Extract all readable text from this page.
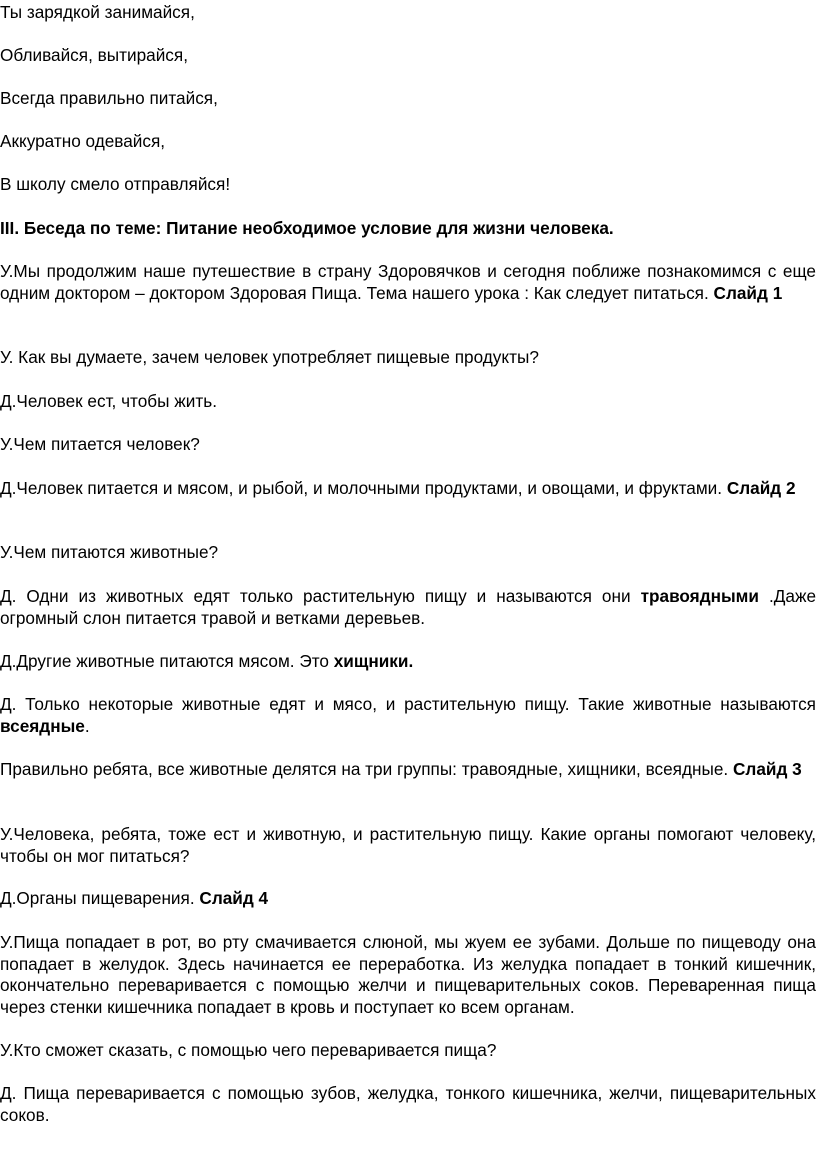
Ты зарядкой занимайся,

Обливайся, вытирайся,

Всегда правильно питайся,

Аккуратно одевайся,

В школу смело отправляйся!

III. Беседа по теме: Питание необходимое условие для жизни человека.

У.Мы продолжим наше путешествие в страну Здоровячков и сегодня поближе познакомимся с еще одним доктором – доктором Здоровая Пища. Тема нашего урока : Как следует питаться. Слайд 1

У. Как вы думаете, зачем человек употребляет пищевые продукты?

Д.Человек ест, чтобы жить.

У.Чем питается человек?

Д.Человек питается и мясом, и рыбой, и молочными продуктами, и овощами, и фруктами. Слайд 2

У.Чем питаются животные?

Д. Одни из животных едят только растительную пищу и называются они травоядными .Даже огромный слон питается травой и ветками деревьев.

Д.Другие животные питаются мясом. Это хищники.

Д. Только некоторые животные едят и мясо, и растительную пищу. Такие животные называются всеядные.

Правильно ребята, все животные делятся на три группы: травоядные, хищники, всеядные. Слайд 3

У.Человека, ребята, тоже ест и животную, и растительную пищу. Какие органы помогают человеку, чтобы он мог питаться?

Д.Органы пищеварения. Слайд 4

У.Пища попадает в рот, во рту смачивается слюной, мы жуем ее зубами. Дольше по пищеводу она попадает в желудок. Здесь начинается ее переработка. Из желудка попадает в тонкий кишечник, окончательно переваривается с помощью желчи и пищеварительных соков. Переваренная пища через стенки кишечника попадает в кровь и поступает ко всем органам.

У.Кто сможет сказать, с помощью чего переваривается пища?

Д. Пища переваривается с помощью зубов, желудка, тонкого кишечника, желчи, пищеварительных соков.
